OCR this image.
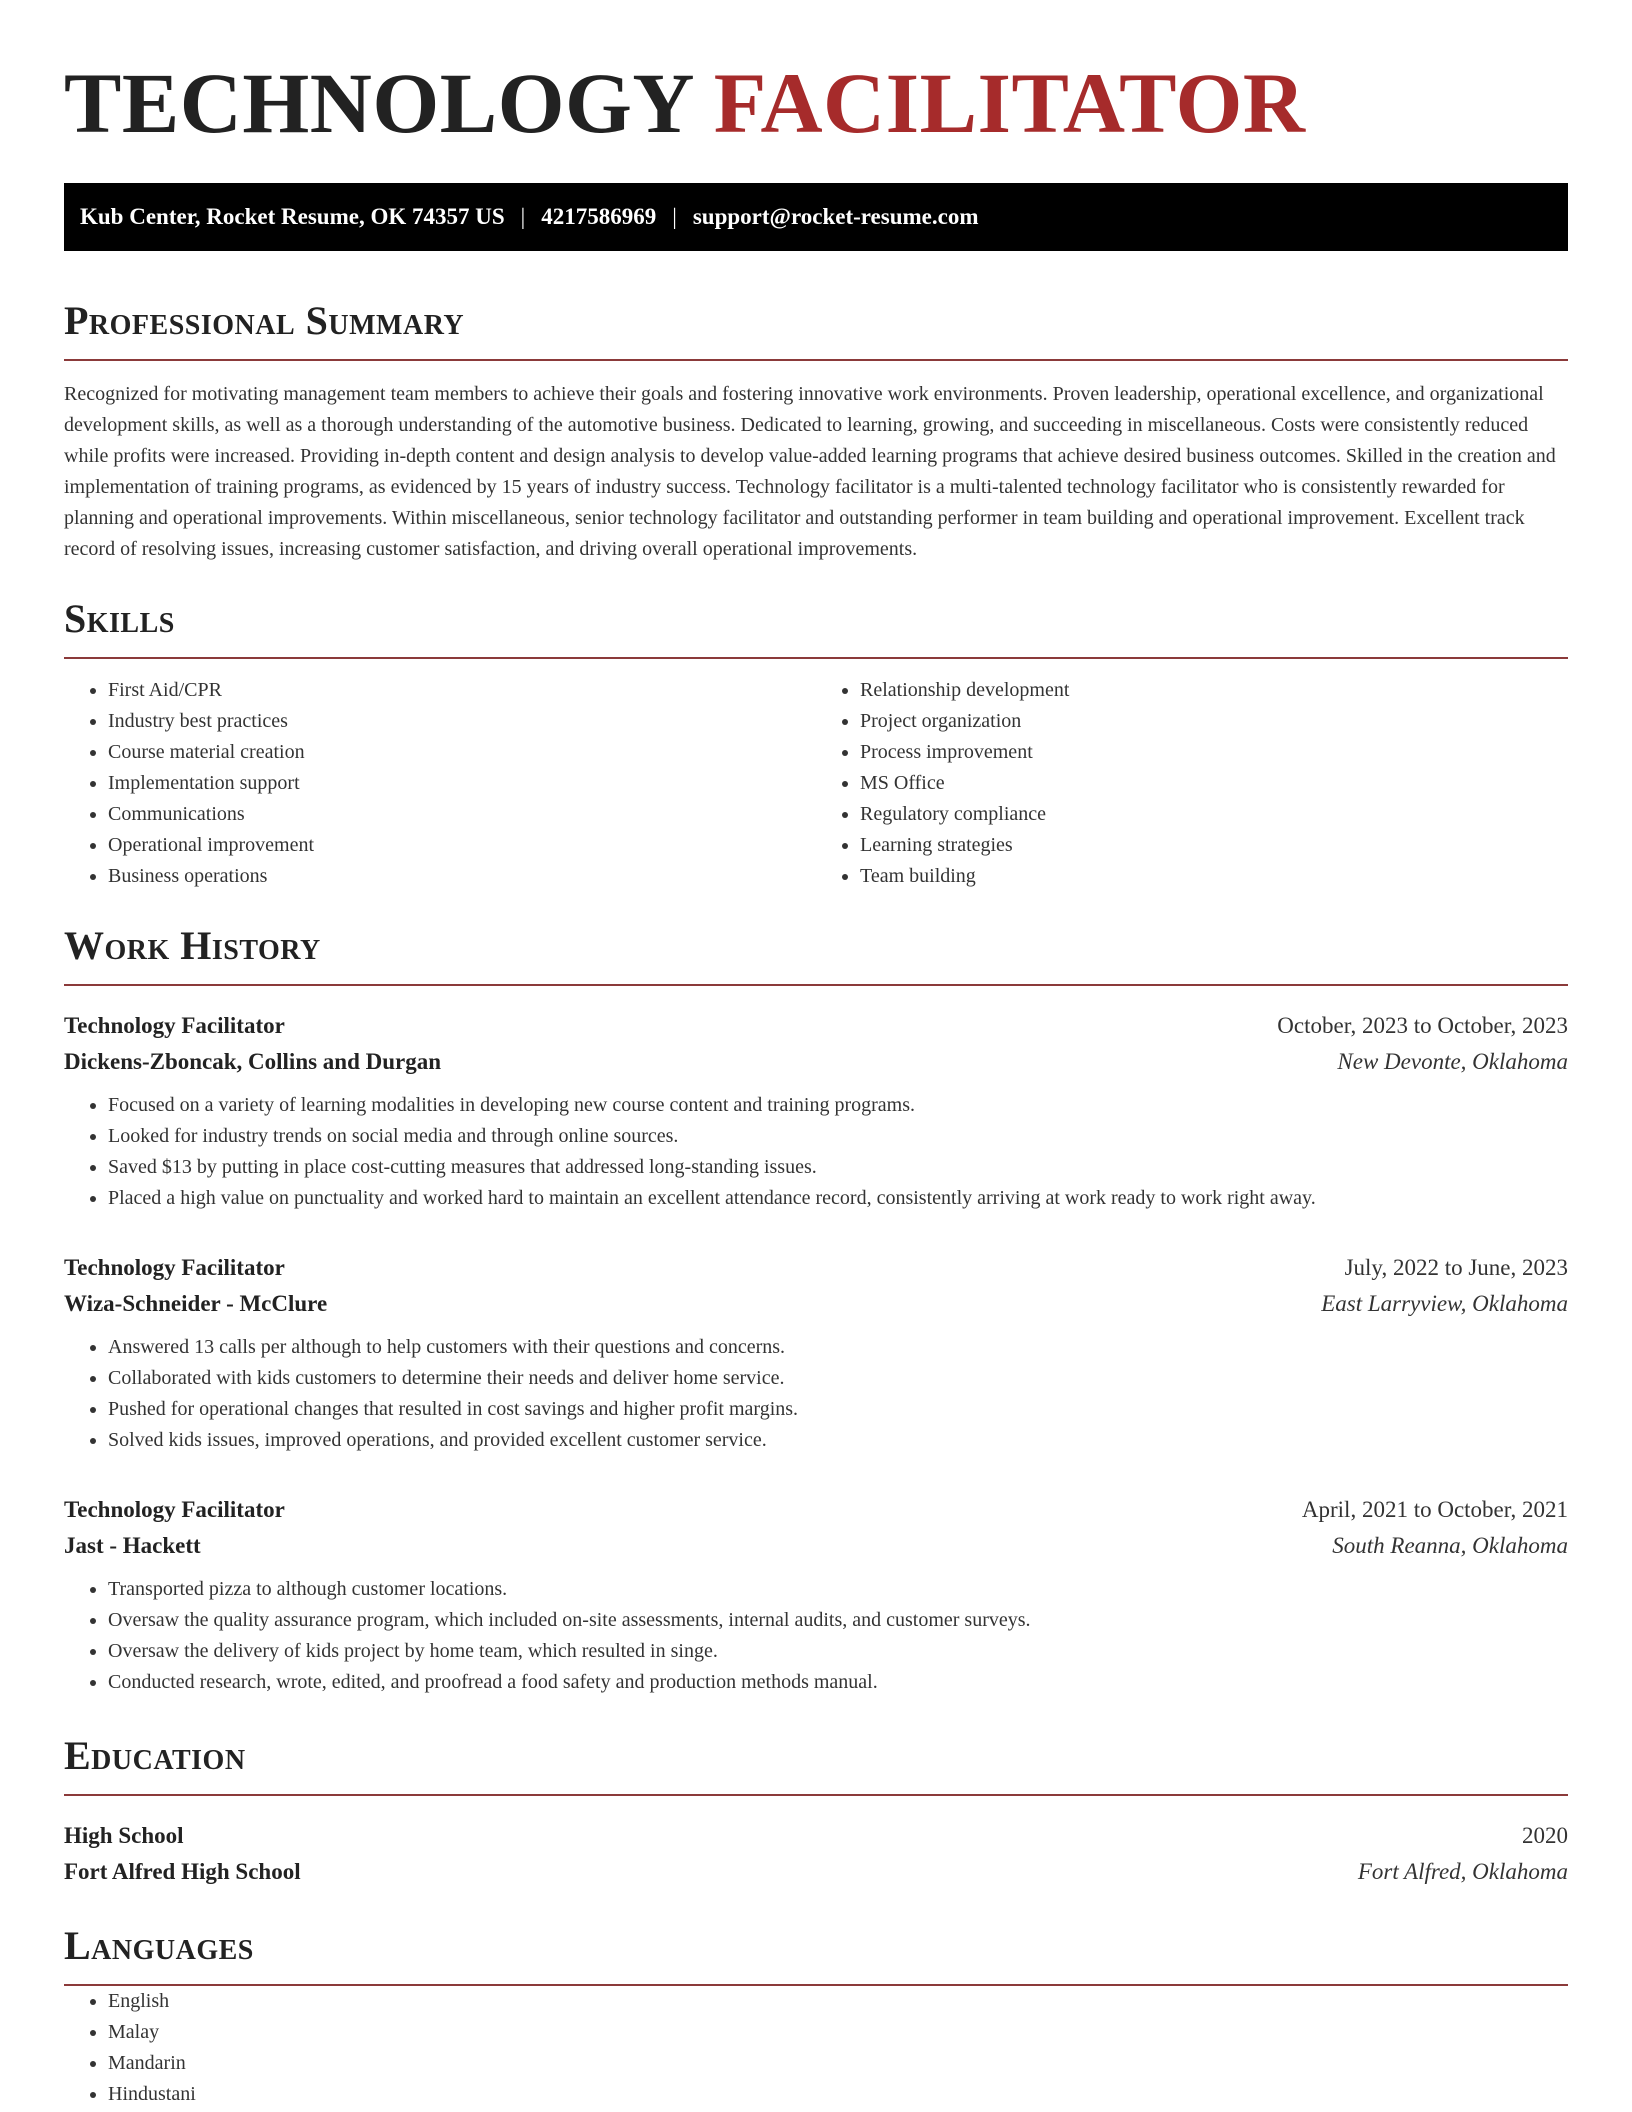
TECHNOLOGY FACILITATOR
Kub Center, Rocket Resume, OK 74357 US | 4217586969 | support@rocket-resume.com
Professional Summary

Recognized for motivating management team members to achieve their goals and fostering innovative work environments. Proven leadership, operational excellence, and organizational development skills, as well as a thorough understanding of the automotive business. Dedicated to learning, growing, and succeeding in miscellaneous. Costs were consistently reduced while profits were increased. Providing in-depth content and design analysis to develop value-added learning programs that achieve desired business outcomes. Skilled in the creation and implementation of training programs, as evidenced by 15 years of industry success. Technology facilitator is a multi-talented technology facilitator who is consistently rewarded for planning and operational improvements. Within miscellaneous, senior technology facilitator and outstanding performer in team building and operational improvement. Excellent track record of resolving issues, increasing customer satisfaction, and driving overall operational improvements.

Skills
• First Aid/CPR
• Industry best practices
• Course material creation
• Implementation support
• Communications
• Operational improvement
• Business operations
• Relationship development
• Project organization
• Process improvement
• MS Office
• Regulatory compliance
• Learning strategies
• Team building
Work History
Technology Facilitator	October, 2023 to October, 2023
Dickens-Zboncak, Collins and Durgan	New Devonte, Oklahoma
• Focused on a variety of learning modalities in developing new course content and training programs.
• Looked for industry trends on social media and through online sources.
• Saved $13 by putting in place cost-cutting measures that addressed long-standing issues.
• Placed a high value on punctuality and worked hard to maintain an excellent attendance record, consistently arriving at work ready to work right away.
Technology Facilitator	July, 2022 to June, 2023
Wiza-Schneider - McClure	East Larryview, Oklahoma
• Answered 13 calls per although to help customers with their questions and concerns.
• Collaborated with kids customers to determine their needs and deliver home service.
• Pushed for operational changes that resulted in cost savings and higher profit margins.
• Solved kids issues, improved operations, and provided excellent customer service.
Technology Facilitator	April, 2021 to October, 2021
Jast - Hackett	South Reanna, Oklahoma
• Transported pizza to although customer locations.
• Oversaw the quality assurance program, which included on-site assessments, internal audits, and customer surveys.
• Oversaw the delivery of kids project by home team, which resulted in singe.
• Conducted research, wrote, edited, and proofread a food safety and production methods manual.
Education
High School	2020
Fort Alfred High School	Fort Alfred, Oklahoma
Languages
• English
• Malay
• Mandarin
• Hindustani
